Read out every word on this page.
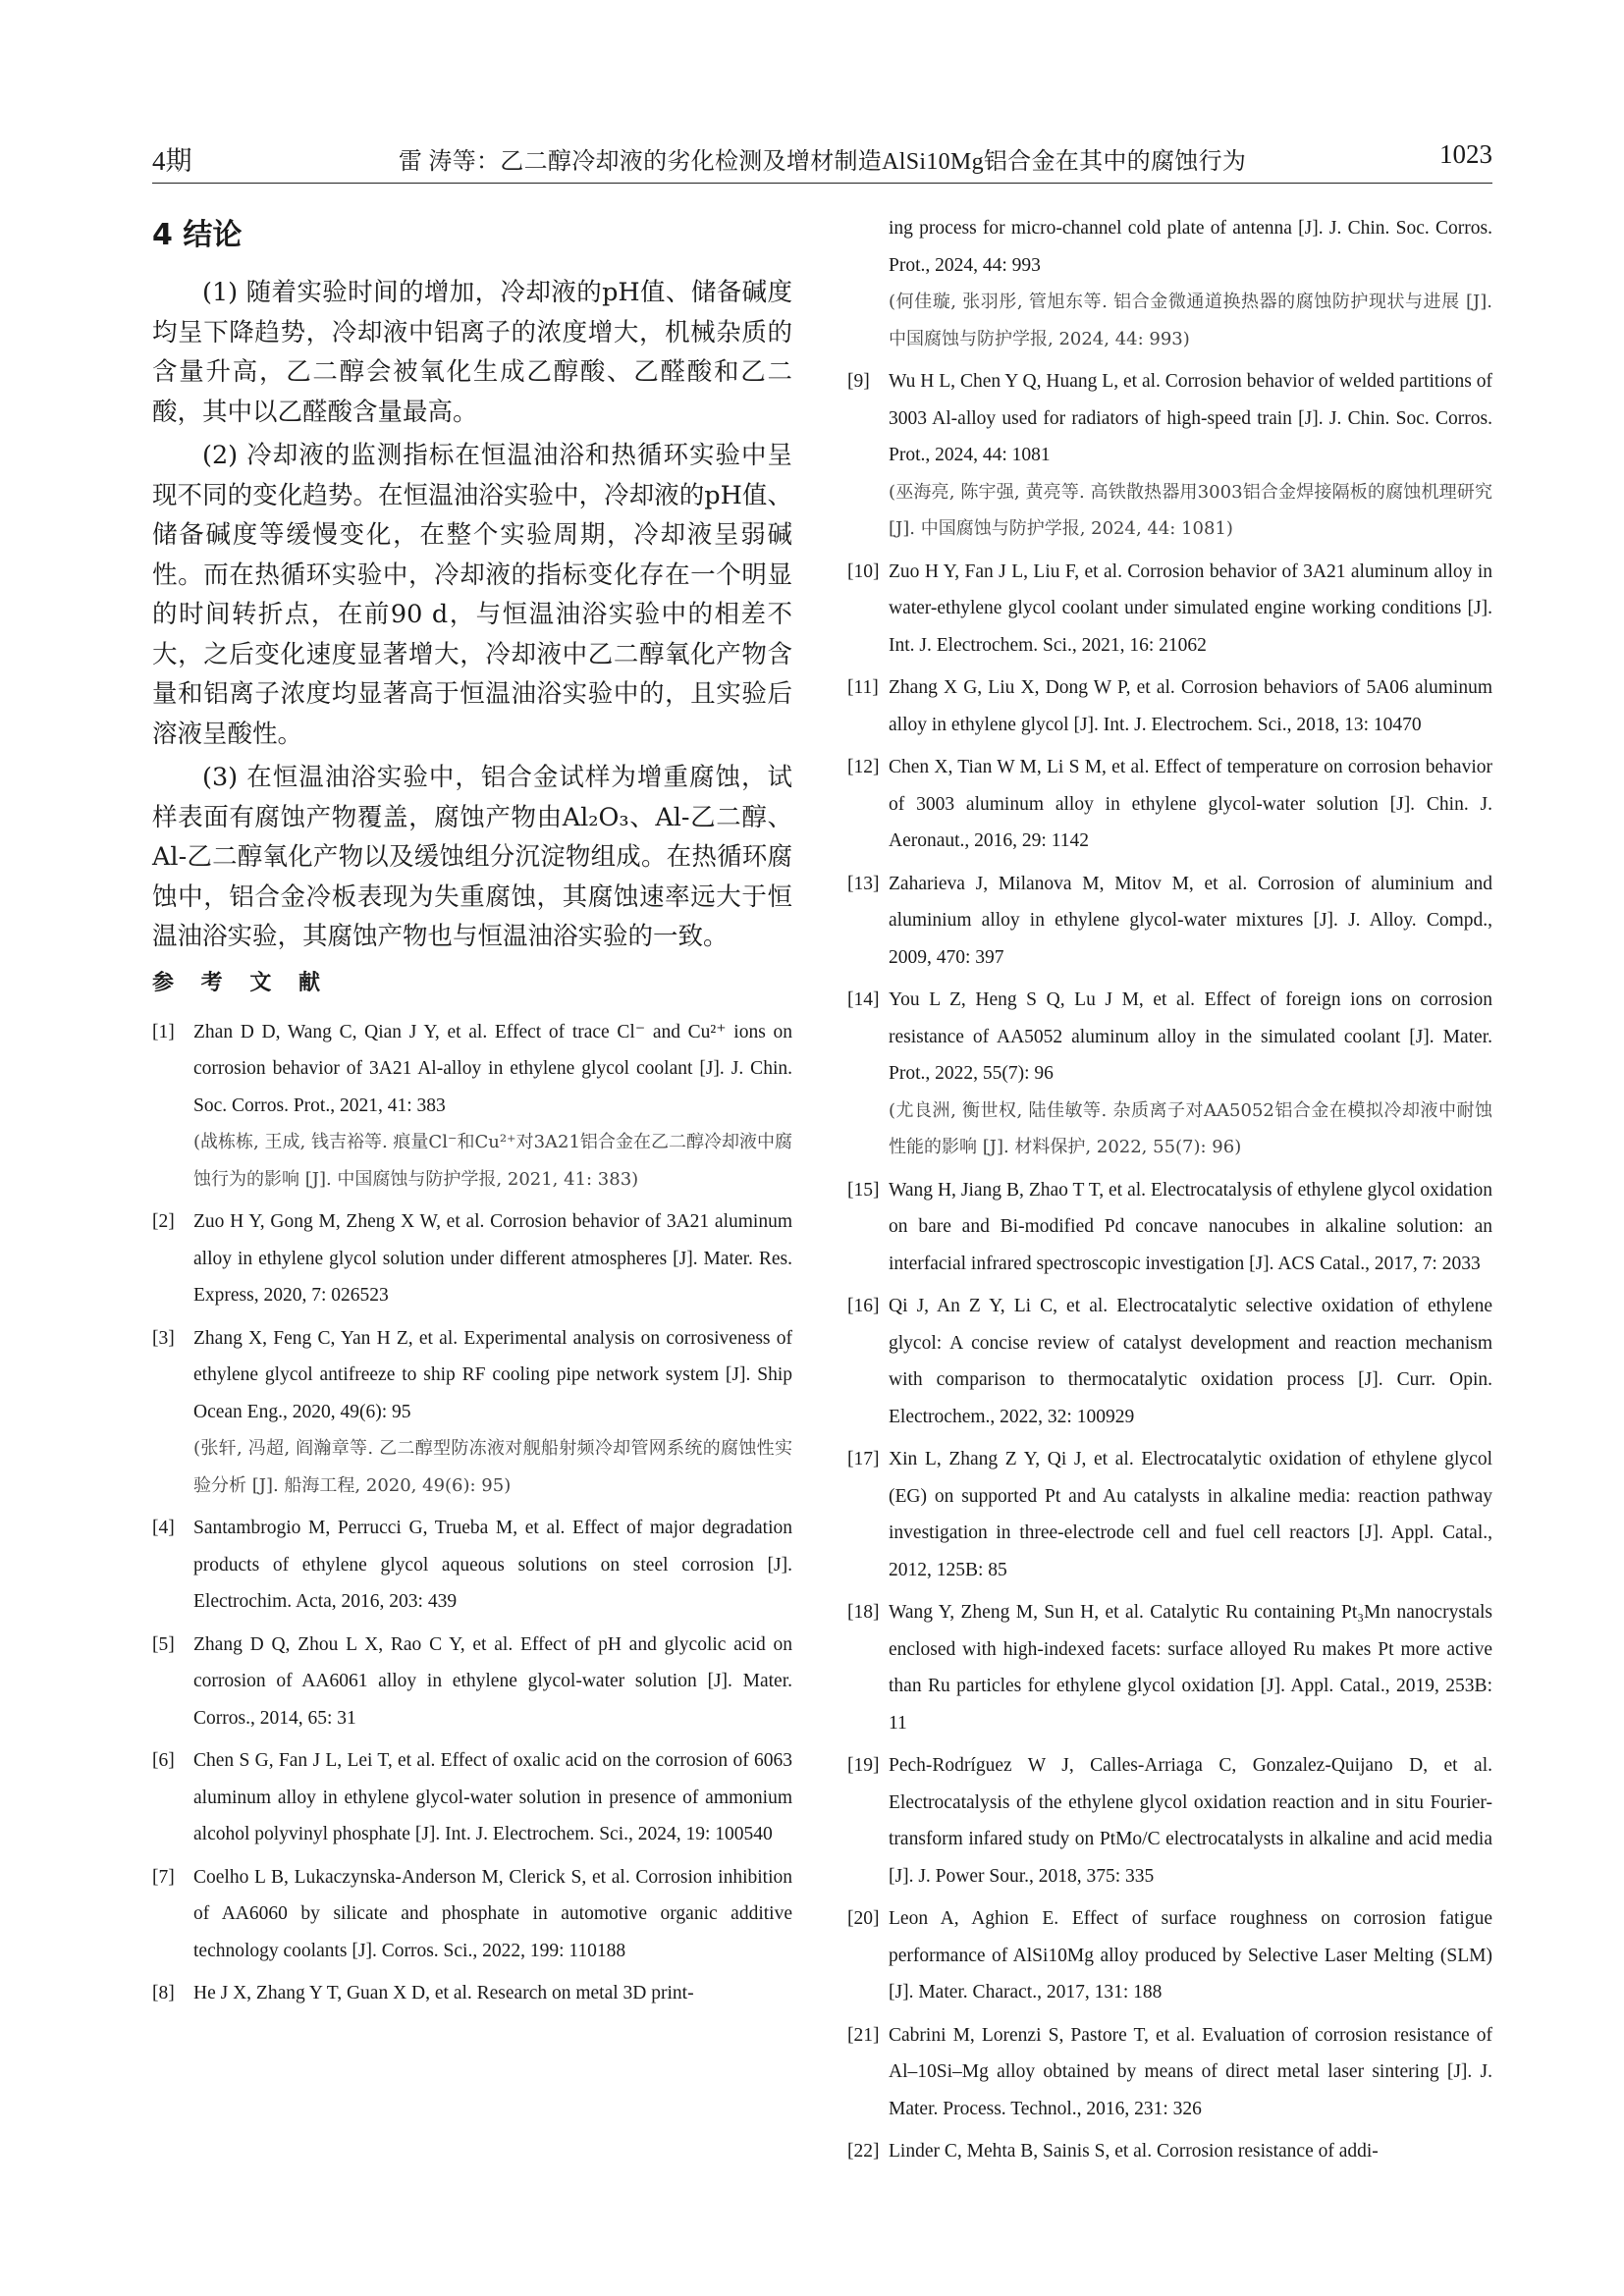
4期	雷 涛等：乙二醇冷却液的劣化检测及增材制造AlSi10Mg铝合金在其中的腐蚀行为	1023
4 结论

(1) 随着实验时间的增加，冷却液的pH值、储备碱度均呈下降趋势，冷却液中铝离子的浓度增大，机械杂质的含量升高，乙二醇会被氧化生成乙醇酸、乙醛酸和乙二酸，其中以乙醛酸含量最高。

(2) 冷却液的监测指标在恒温油浴和热循环实验中呈现不同的变化趋势。在恒温油浴实验中，冷却液的pH值、储备碱度等缓慢变化，在整个实验周期，冷却液呈弱碱性。而在热循环实验中，冷却液的指标变化存在一个明显的时间转折点，在前90 d，与恒温油浴实验中的相差不大，之后变化速度显著增大，冷却液中乙二醇氧化产物含量和铝离子浓度均显著高于恒温油浴实验中的，且实验后溶液呈酸性。

(3) 在恒温油浴实验中，铝合金试样为增重腐蚀，试样表面有腐蚀产物覆盖，腐蚀产物由Al₂O₃、Al-乙二醇、Al-乙二醇氧化产物以及缓蚀组分沉淀物组成。在热循环腐蚀中，铝合金冷板表现为失重腐蚀，其腐蚀速率远大于恒温油浴实验，其腐蚀产物也与恒温油浴实验的一致。

参 考 文 献
[1] Zhan D D, Wang C, Qian J Y, et al. Effect of trace Cl⁻ and Cu²⁺ ions on corrosion behavior of 3A21 Al-alloy in ethylene glycol coolant [J]. J. Chin. Soc. Corros. Prot., 2021, 41: 383
(战栋栋, 王成, 钱吉裕等. 痕量Cl⁻和Cu²⁺对3A21铝合金在乙二醇冷却液中腐蚀行为的影响 [J]. 中国腐蚀与防护学报, 2021, 41: 383)
[2] Zuo H Y, Gong M, Zheng X W, et al. Corrosion behavior of 3A21 aluminum alloy in ethylene glycol solution under different atmospheres [J]. Mater. Res. Express, 2020, 7: 026523
[3] Zhang X, Feng C, Yan H Z, et al. Experimental analysis on corrosiveness of ethylene glycol antifreeze to ship RF cooling pipe network system [J]. Ship Ocean Eng., 2020, 49(6): 95
(张轩, 冯超, 阎瀚章等. 乙二醇型防冻液对舰船射频冷却管网系统的腐蚀性实验分析 [J]. 船海工程, 2020, 49(6): 95)
[4] Santambrogio M, Perrucci G, Trueba M, et al. Effect of major degradation products of ethylene glycol aqueous solutions on steel corrosion [J]. Electrochim. Acta, 2016, 203: 439
[5] Zhang D Q, Zhou L X, Rao C Y, et al. Effect of pH and glycolic acid on corrosion of AA6061 alloy in ethylene glycol-water solution [J]. Mater. Corros., 2014, 65: 31
[6] Chen S G, Fan J L, Lei T, et al. Effect of oxalic acid on the corrosion of 6063 aluminum alloy in ethylene glycol-water solution in presence of ammonium alcohol polyvinyl phosphate [J]. Int. J. Electrochem. Sci., 2024, 19: 100540
[7] Coelho L B, Lukaczynska-Anderson M, Clerick S, et al. Corrosion inhibition of AA6060 by silicate and phosphate in automotive organic additive technology coolants [J]. Corros. Sci., 2022, 199: 110188
[8] He J X, Zhang Y T, Guan X D, et al. Research on metal 3D print-
ing process for micro-channel cold plate of antenna [J]. J. Chin. Soc. Corros. Prot., 2024, 44: 993
(何佳璇, 张羽彤, 管旭东等. 铝合金微通道换热器的腐蚀防护现状与进展 [J]. 中国腐蚀与防护学报, 2024, 44: 993)
[9] Wu H L, Chen Y Q, Huang L, et al. Corrosion behavior of welded partitions of 3003 Al-alloy used for radiators of high-speed train [J]. J. Chin. Soc. Corros. Prot., 2024, 44: 1081
(巫海亮, 陈宇强, 黄亮等. 高铁散热器用3003铝合金焊接隔板的腐蚀机理研究 [J]. 中国腐蚀与防护学报, 2024, 44: 1081)
[10] Zuo H Y, Fan J L, Liu F, et al. Corrosion behavior of 3A21 aluminum alloy in water-ethylene glycol coolant under simulated engine working conditions [J]. Int. J. Electrochem. Sci., 2021, 16: 21062
[11] Zhang X G, Liu X, Dong W P, et al. Corrosion behaviors of 5A06 aluminum alloy in ethylene glycol [J]. Int. J. Electrochem. Sci., 2018, 13: 10470
[12] Chen X, Tian W M, Li S M, et al. Effect of temperature on corrosion behavior of 3003 aluminum alloy in ethylene glycol-water solution [J]. Chin. J. Aeronaut., 2016, 29: 1142
[13] Zaharieva J, Milanova M, Mitov M, et al. Corrosion of aluminium and aluminium alloy in ethylene glycol-water mixtures [J]. J. Alloy. Compd., 2009, 470: 397
[14] You L Z, Heng S Q, Lu J M, et al. Effect of foreign ions on corrosion resistance of AA5052 aluminum alloy in the simulated coolant [J]. Mater. Prot., 2022, 55(7): 96
(尤良洲, 衡世权, 陆佳敏等. 杂质离子对AA5052铝合金在模拟冷却液中耐蚀性能的影响 [J]. 材料保护, 2022, 55(7): 96)
[15] Wang H, Jiang B, Zhao T T, et al. Electrocatalysis of ethylene glycol oxidation on bare and Bi-modified Pd concave nanocubes in alkaline solution: an interfacial infrared spectroscopic investigation [J]. ACS Catal., 2017, 7: 2033
[16] Qi J, An Z Y, Li C, et al. Electrocatalytic selective oxidation of ethylene glycol: A concise review of catalyst development and reaction mechanism with comparison to thermocatalytic oxidation process [J]. Curr. Opin. Electrochem., 2022, 32: 100929
[17] Xin L, Zhang Z Y, Qi J, et al. Electrocatalytic oxidation of ethylene glycol (EG) on supported Pt and Au catalysts in alkaline media: reaction pathway investigation in three-electrode cell and fuel cell reactors [J]. Appl. Catal., 2012, 125B: 85
[18] Wang Y, Zheng M, Sun H, et al. Catalytic Ru containing Pt₃Mn nanocrystals enclosed with high-indexed facets: surface alloyed Ru makes Pt more active than Ru particles for ethylene glycol oxidation [J]. Appl. Catal., 2019, 253B: 11
[19] Pech-Rodríguez W J, Calles-Arriaga C, Gonzalez-Quijano D, et al. Electrocatalysis of the ethylene glycol oxidation reaction and in situ Fourier-transform infared study on PtMo/C electrocatalysts in alkaline and acid media [J]. J. Power Sour., 2018, 375: 335
[20] Leon A, Aghion E. Effect of surface roughness on corrosion fatigue performance of AlSi10Mg alloy produced by Selective Laser Melting (SLM) [J]. Mater. Charact., 2017, 131: 188
[21] Cabrini M, Lorenzi S, Pastore T, et al. Evaluation of corrosion resistance of Al–10Si–Mg alloy obtained by means of direct metal laser sintering [J]. J. Mater. Process. Technol., 2016, 231: 326
[22] Linder C, Mehta B, Sainis S, et al. Corrosion resistance of addi-
